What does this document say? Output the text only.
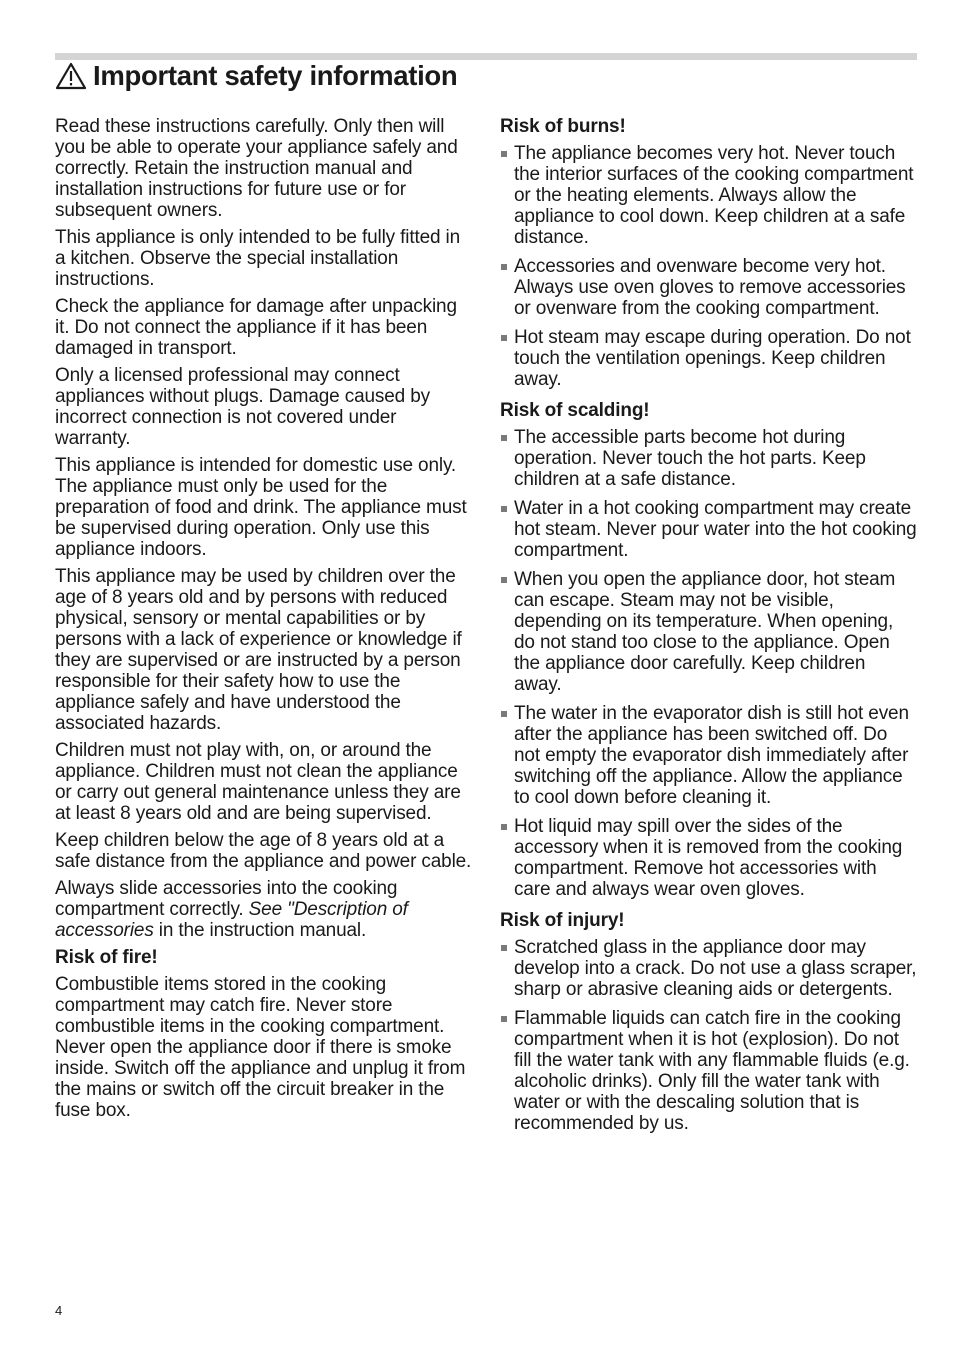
Important safety information

Read these instructions carefully. Only then will you be able to operate your appliance safely and correctly. Retain the instruction manual and installation instructions for future use or for subsequent owners.

This appliance is only intended to be fully fitted in a kitchen. Observe the special installation instructions.

Check the appliance for damage after unpacking it. Do not connect the appliance if it has been damaged in transport.

Only a licensed professional may connect appliances without plugs. Damage caused by incorrect connection is not covered under warranty.

This appliance is intended for domestic use only. The appliance must only be used for the preparation of food and drink. The appliance must be supervised during operation. Only use this appliance indoors.

This appliance may be used by children over the age of 8 years old and by persons with reduced physical, sensory or mental capabilities or by persons with a lack of experience or knowledge if they are supervised or are instructed by a person responsible for their safety how to use the appliance safely and have understood the associated hazards.

Children must not play with, on, or around the appliance. Children must not clean the appliance or carry out general maintenance unless they are at least 8 years old and are being supervised.

Keep children below the age of 8 years old at a safe distance from the appliance and power cable.

Always slide accessories into the cooking compartment correctly. See "Description of accessories in the instruction manual.

Risk of fire!

Combustible items stored in the cooking compartment may catch fire. Never store combustible items in the cooking compartment. Never open the appliance door if there is smoke inside. Switch off the appliance and unplug it from the mains or switch off the circuit breaker in the fuse box.

Risk of burns!
The appliance becomes very hot. Never touch the interior surfaces of the cooking compartment or the heating elements. Always allow the appliance to cool down. Keep children at a safe distance.
Accessories and ovenware become very hot. Always use oven gloves to remove accessories or ovenware from the cooking compartment.
Hot steam may escape during operation. Do not touch the ventilation openings. Keep children away.
Risk of scalding!
The accessible parts become hot during operation. Never touch the hot parts. Keep children at a safe distance.
Water in a hot cooking compartment may create hot steam. Never pour water into the hot cooking compartment.
When you open the appliance door, hot steam can escape. Steam may not be visible, depending on its temperature. When opening, do not stand too close to the appliance. Open the appliance door carefully. Keep children away.
The water in the evaporator dish is still hot even after the appliance has been switched off. Do not empty the evaporator dish immediately after switching off the appliance. Allow the appliance to cool down before cleaning it.
Hot liquid may spill over the sides of the accessory when it is removed from the cooking compartment. Remove hot accessories with care and always wear oven gloves.
Risk of injury!
Scratched glass in the appliance door may develop into a crack. Do not use a glass scraper, sharp or abrasive cleaning aids or detergents.
Flammable liquids can catch fire in the cooking compartment when it is hot (explosion). Do not fill the water tank with any flammable fluids (e.g. alcoholic drinks). Only fill the water tank with water or with the descaling solution that is recommended by us.
4
